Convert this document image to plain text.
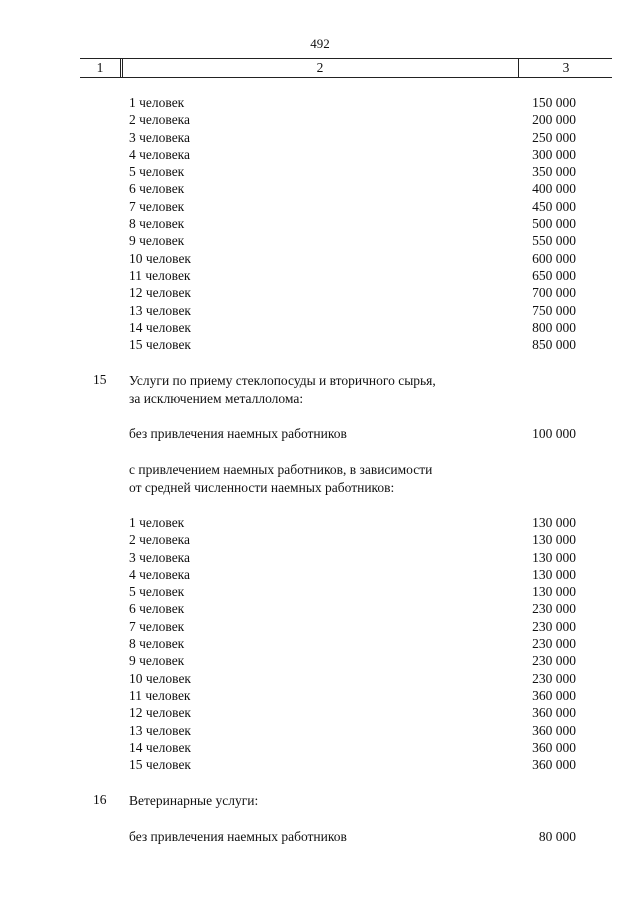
492
1	2	3
1 человек	150 000
2 человека	200 000
3 человека	250 000
4 человека	300 000
5 человек	350 000
6 человек	400 000
7 человек	450 000
8 человек	500 000
9 человек	550 000
10 человек	600 000
11 человек	650 000
12 человек	700 000
13 человек	750 000
14 человек	800 000
15 человек	850 000
15 Услуги по приему стеклопосуды и вторичного сырья,
за исключением металлолома:
без привлечения наемных работников	100 000
с привлечением наемных работников, в зависимости
от средней численности наемных работников:
1 человек	130 000
2 человека	130 000
3 человека	130 000
4 человека	130 000
5 человек	130 000
6 человек	230 000
7 человек	230 000
8 человек	230 000
9 человек	230 000
10 человек	230 000
11 человек	360 000
12 человек	360 000
13 человек	360 000
14 человек	360 000
15 человек	360 000
16 Ветеринарные услуги:
без привлечения наемных работников	80 000
